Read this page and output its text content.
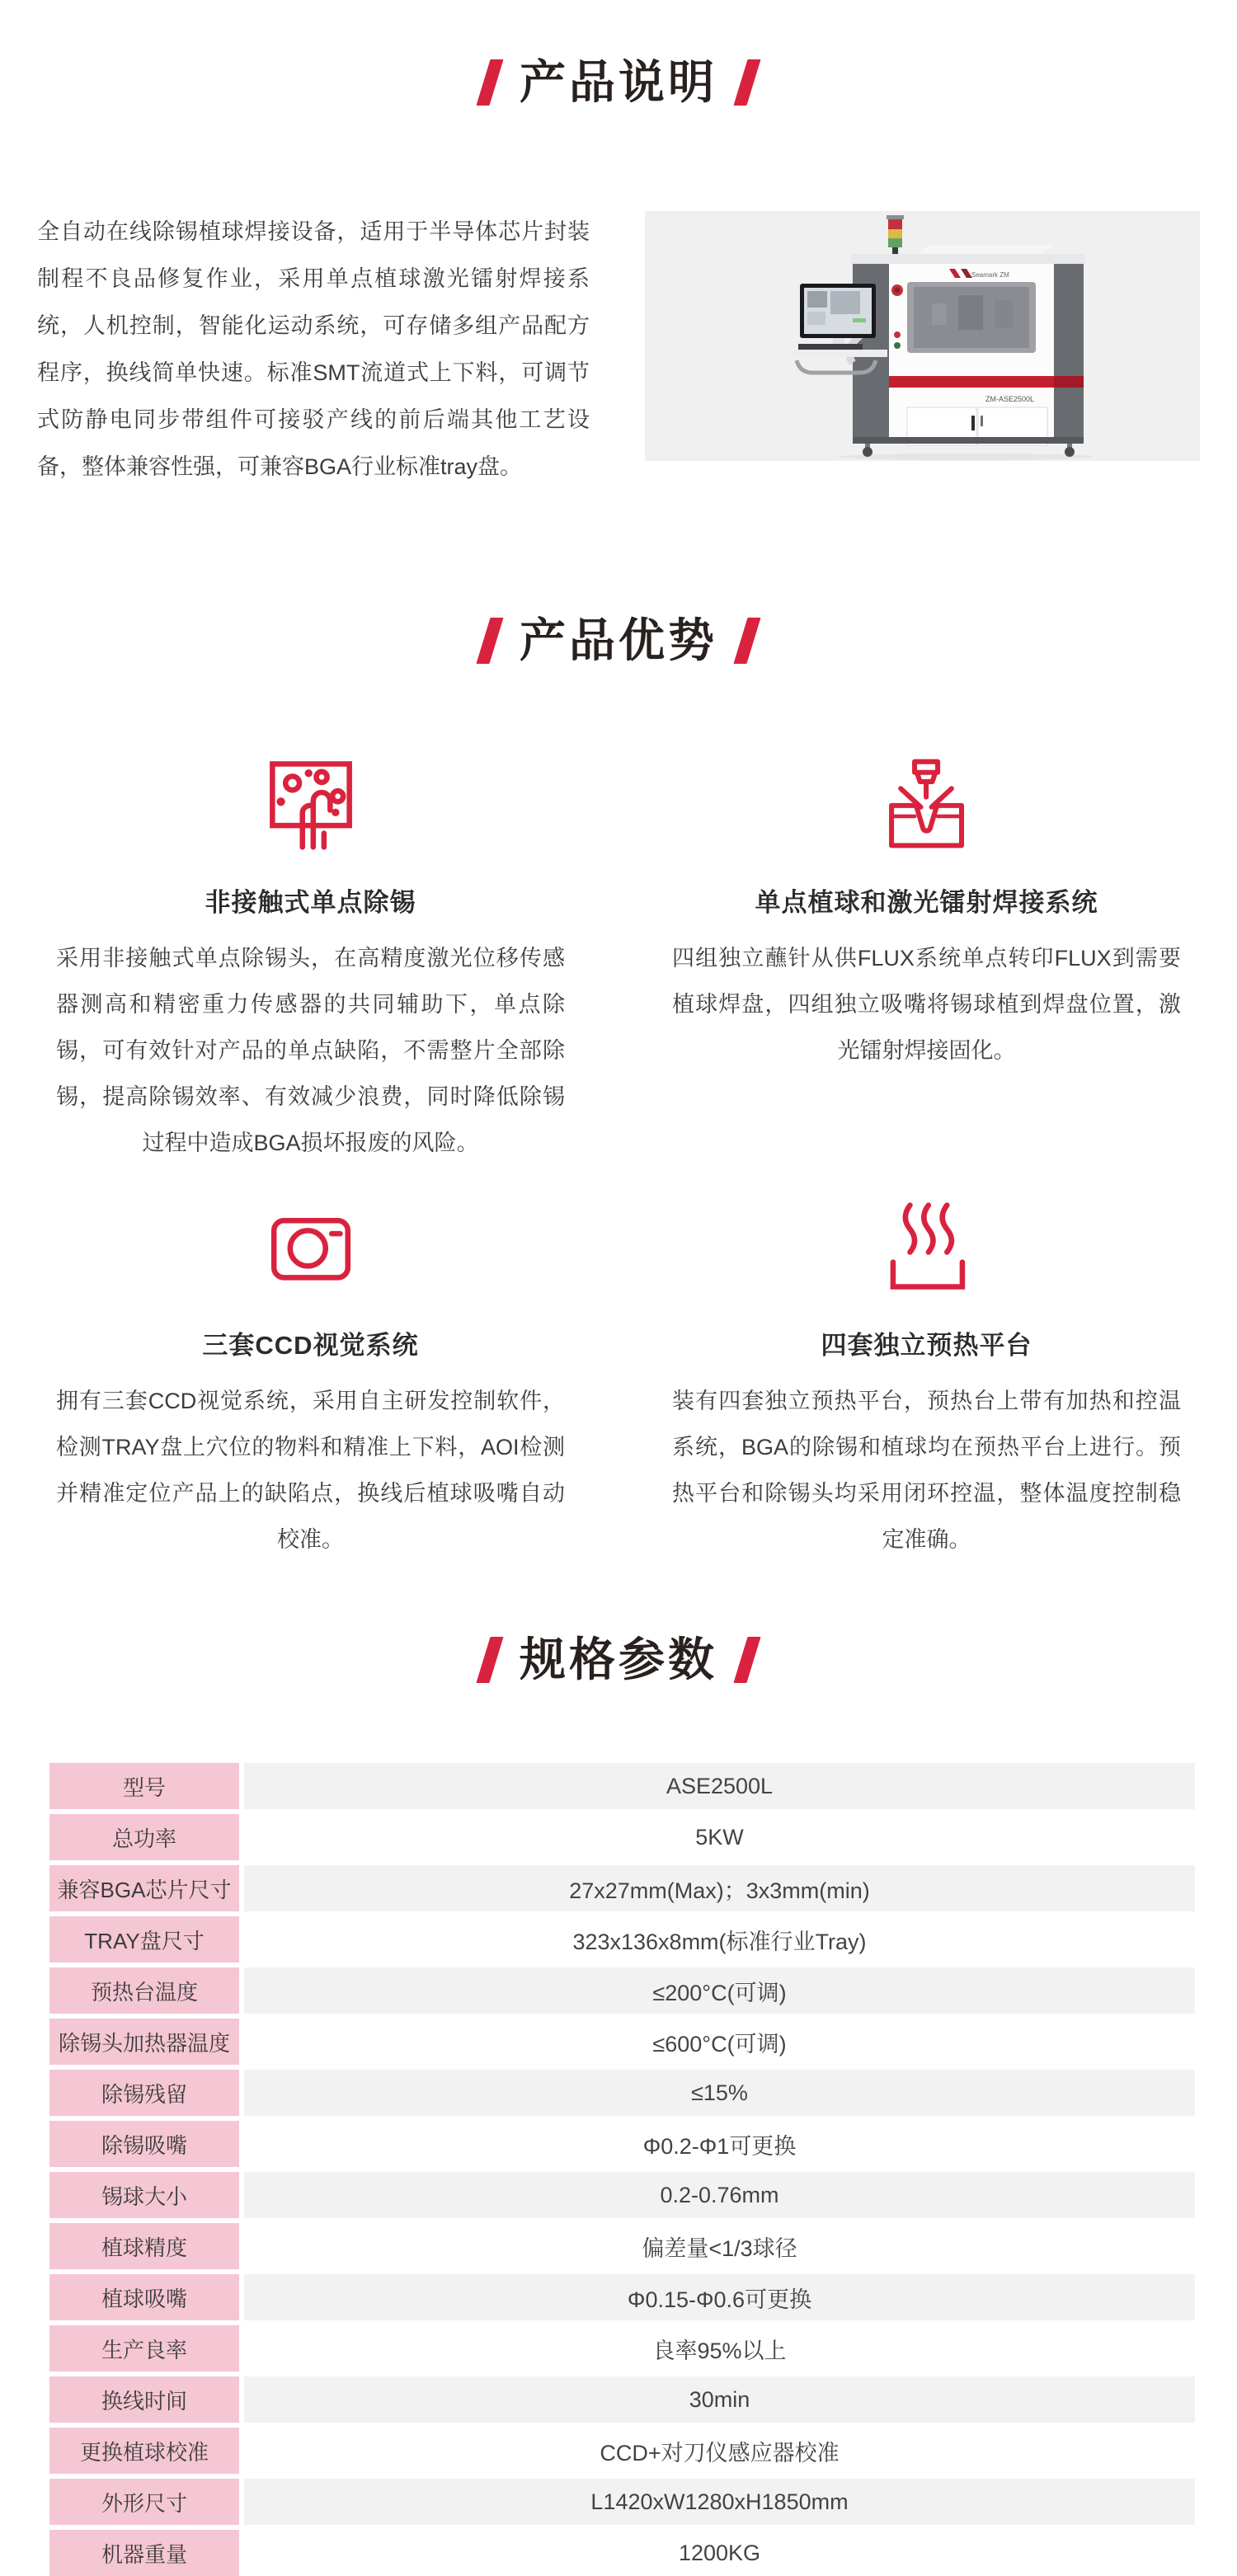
产品说明

全自动在线除锡植球焊接设备，适用于半导体芯片封装制程不良品修复作业，采用单点植球激光镭射焊接系统，人机控制，智能化运动系统，可存储多组产品配方程序，换线简单快速。标准SMT流道式上下料，可调节式防静电同步带组件可接驳产线的前后端其他工艺设备，整体兼容性强，可兼容BGA行业标准tray盘。

Seamark ZM
ZM-ASE2500L
产品优势
非接触式单点除锡

采用非接触式单点除锡头，在高精度激光位移传感器测高和精密重力传感器的共同辅助下，单点除锡，可有效针对产品的单点缺陷，不需整片全部除锡，提高除锡效率、有效减少浪费，同时降低除锡过程中造成BGA损坏报废的风险。

单点植球和激光镭射焊接系统

四组独立蘸针从供FLUX系统单点转印FLUX到需要植球焊盘，四组独立吸嘴将锡球植到焊盘位置，激光镭射焊接固化。

三套CCD视觉系统

拥有三套CCD视觉系统，采用自主研发控制软件，检测TRAY盘上穴位的物料和精准上下料，AOI检测并精准定位产品上的缺陷点，换线后植球吸嘴自动校准。

四套独立预热平台

装有四套独立预热平台，预热台上带有加热和控温系统，BGA的除锡和植球均在预热平台上进行。预热平台和除锡头均采用闭环控温，整体温度控制稳定准确。

规格参数
型号	ASE2500L
总功率	5KW
兼容BGA芯片尺寸	27x27mm(Max)；3x3mm(min)
TRAY盘尺寸	323x136x8mm(标准行业Tray)
预热台温度	≤200°C(可调)
除锡头加热器温度	≤600°C(可调)
除锡残留	≤15%
除锡吸嘴	Φ0.2-Φ1可更换
锡球大小	0.2-0.76mm
植球精度	偏差量<1/3球径
植球吸嘴	Φ0.15-Φ0.6可更换
生产良率	良率95%以上
换线时间	30min
更换植球校准	CCD+对刀仪感应器校准
外形尺寸	L1420xW1280xH1850mm
机器重量	1200KG
